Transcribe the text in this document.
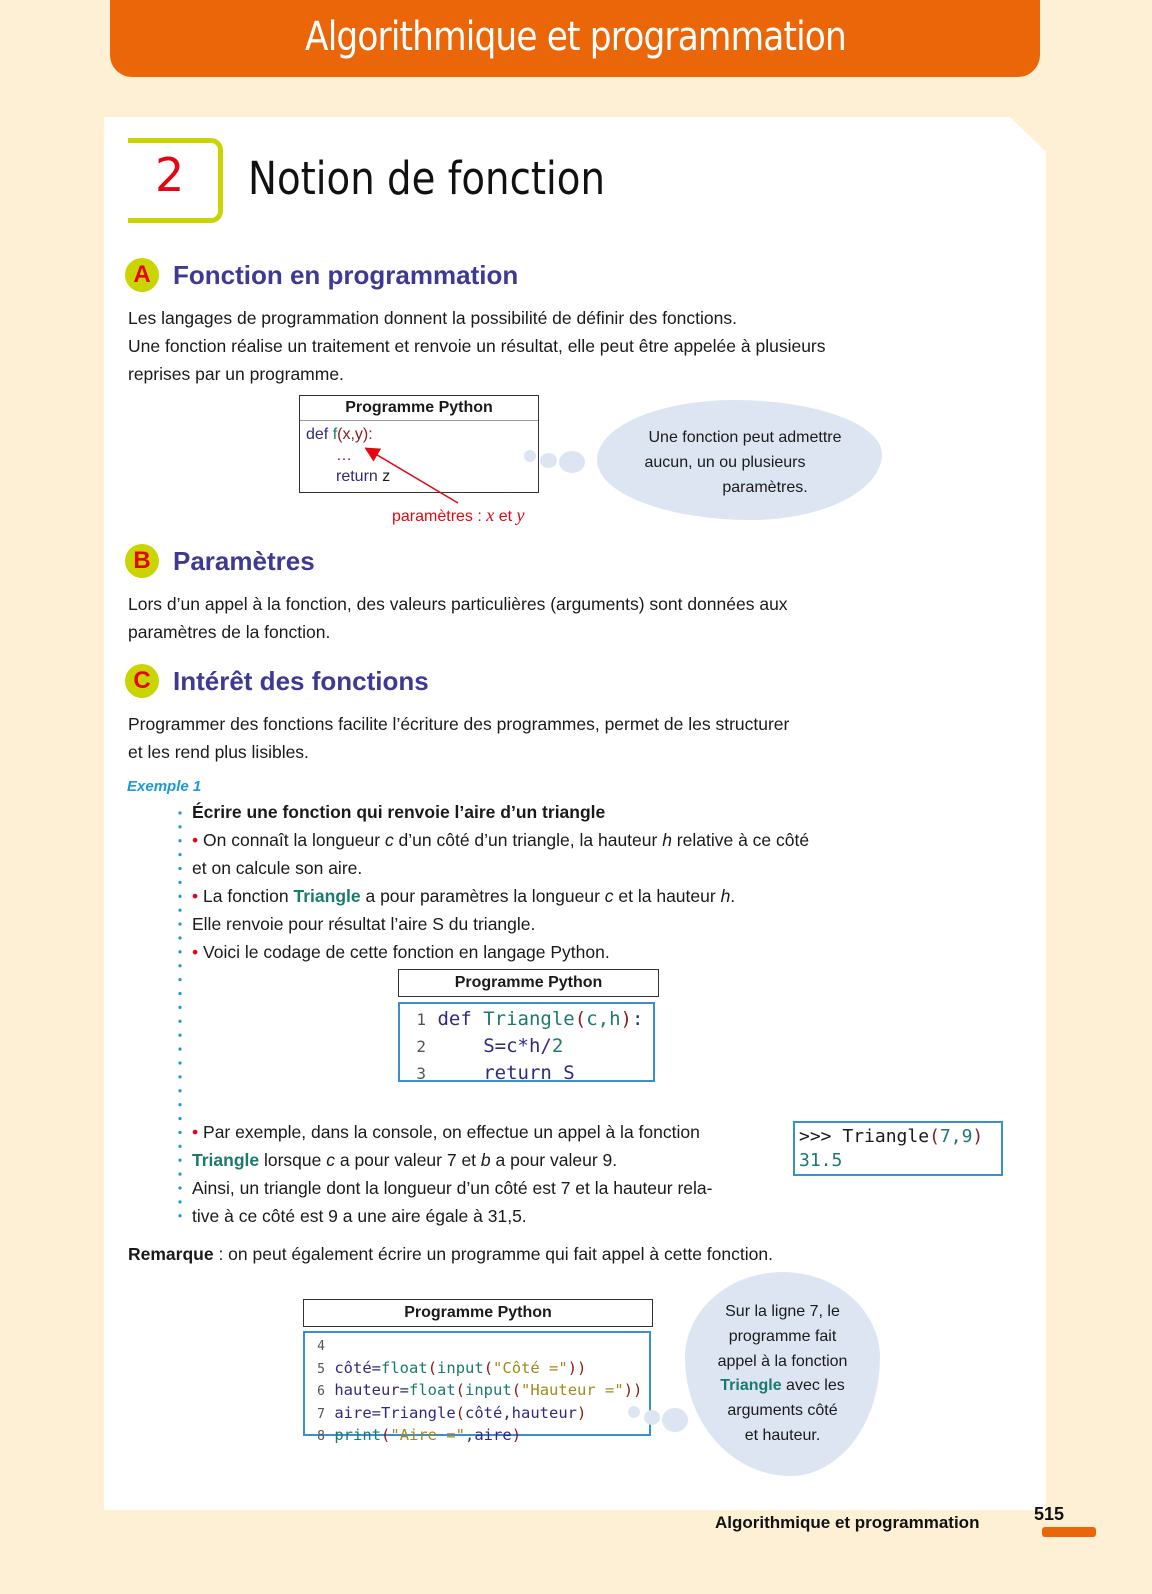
Algorithmique et programmation
2 Notion de fonction
A Fonction en programmation
Les langages de programmation donnent la possibilité de définir des fonctions.
Une fonction réalise un traitement et renvoie un résultat, elle peut être appelée à plusieurs
reprises par un programme.
Programme Python
def f(x,y):
…
return z
paramètres : x et y
Une fonction peut admettre
aucun, un ou plusieurs
paramètres.
B Paramètres
Lors d’un appel à la fonction, des valeurs particulières (arguments) sont données aux
paramètres de la fonction.
C Intérêt des fonctions
Programmer des fonctions facilite l’écriture des programmes, permet de les structurer
et les rend plus lisibles.
Exemple 1
Écrire une fonction qui renvoie l’aire d’un triangle
• On connaît la longueur c d’un côté d’un triangle, la hauteur h relative à ce côté
et on calcule son aire.
• La fonction Triangle a pour paramètres la longueur c et la hauteur h.
Elle renvoie pour résultat l’aire S du triangle.
• Voici le codage de cette fonction en langage Python.
Programme Python
1 def Triangle(c,h):
2	S=c*h/2
3	return S
• Par exemple, dans la console, on effectue un appel à la fonction
Triangle lorsque c a pour valeur 7 et b a pour valeur 9.
Ainsi, un triangle dont la longueur d’un côté est 7 et la hauteur rela-
tive à ce côté est 9 a une aire égale à 31,5.
>>> Triangle(7,9)
31.5
Remarque : on peut également écrire un programme qui fait appel à cette fonction.
Programme Python
4
5 côté=float(input("Côté ="))
6 hauteur=float(input("Hauteur ="))
7 aire=Triangle(côté,hauteur)
8 print("Aire =",aire)
Sur la ligne 7, le
programme fait
appel à la fonction
Triangle avec les
arguments côté
et hauteur.
Algorithmique et programmation	515
